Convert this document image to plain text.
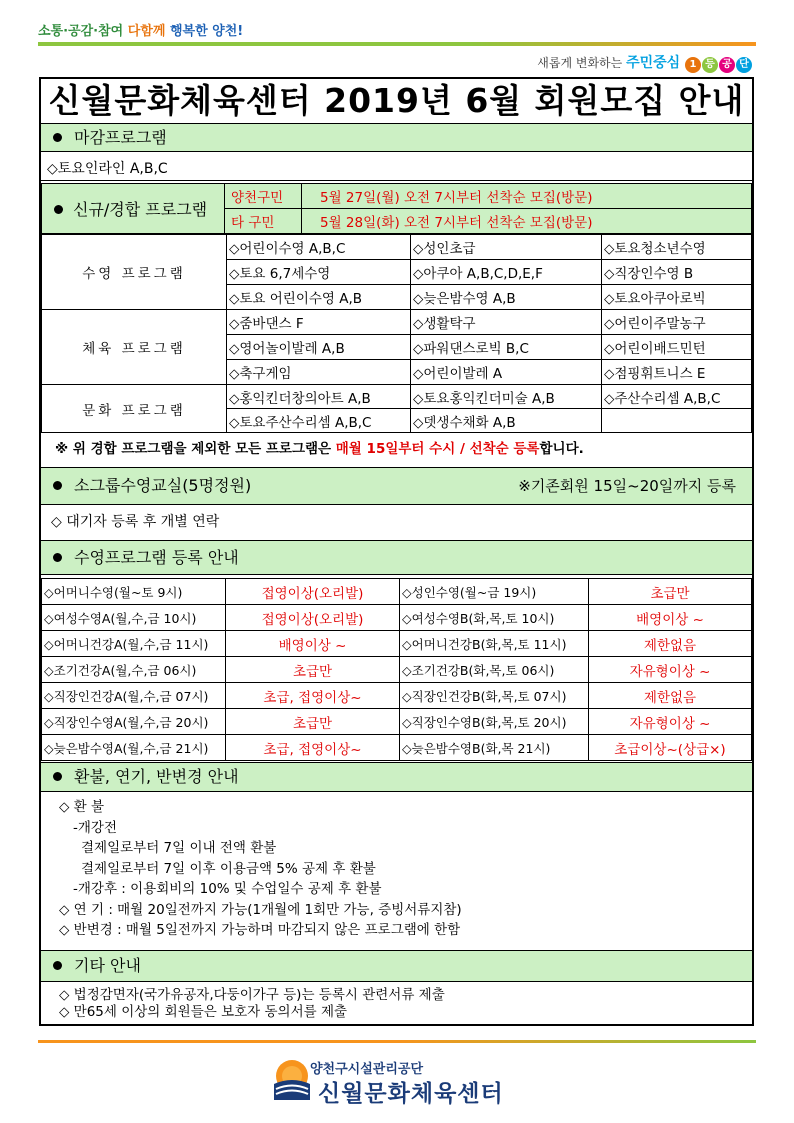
소통·공감·참여 다함께 행복한 양천!
새롭게 변화하는 주민중심 1 등 공 단
신월문화체육센터 2019년 6월 회원모집 안내
마감프로그램
◇토요인라인 A,B,C
신규/경합 프로그램	양천구민	5월 27일(월) 오전 7시부터 선착순 모집(방문)
	타 구민	5월 28일(화) 오전 7시부터 선착순 모집(방문)
수영 프로그램	◇어린이수영 A,B,C	◇성인초급	◇토요청소년수영
	◇토요 6,7세수영	◇아쿠아 A,B,C,D,E,F	◇직장인수영 B
	◇토요 어린이수영 A,B	◇늦은밤수영 A,B	◇토요아쿠아로빅
체육 프로그램	◇줌바댄스 F	◇생활탁구	◇어린이주말농구
	◇영어놀이발레 A,B	◇파워댄스로빅 B,C	◇어린이배드민턴
	◇축구게임	◇어린이발레 A	◇점핑휘트니스 E
문화 프로그램	◇홍익킨더창의아트 A,B	◇토요홍익킨더미술 A,B	◇주산수리셈 A,B,C
	◇토요주산수리셈 A,B,C	◇뎃생수채화 A,B	
※ 위 경합 프로그램을 제외한 모든 프로그램은 매월 15일부터 수시 / 선착순 등록합니다.
소그룹수영교실(5명정원)	※기존회원 15일~20일까지 등록
◇ 대기자 등록 후 개별 연락
수영프로그램 등록 안내
◇어머니수영(월~토 9시)	접영이상(오리발)	◇성인수영(월~금 19시)	초급만
◇여성수영A(월,수,금 10시)	접영이상(오리발)	◇여성수영B(화,목,토 10시)	배영이상 ~
◇어머니건강A(월,수,금 11시)	배영이상 ~	◇어머니건강B(화,목,토 11시)	제한없음
◇조기건강A(월,수,금 06시)	초급만	◇조기건강B(화,목,토 06시)	자유형이상 ~
◇직장인건강A(월,수,금 07시)	초급, 접영이상~	◇직장인건강B(화,목,토 07시)	제한없음
◇직장인수영A(월,수,금 20시)	초급만	◇직장인수영B(화,목,토 20시)	자유형이상 ~
◇늦은밤수영A(월,수,금 21시)	초급, 접영이상~	◇늦은밤수영B(화,목 21시)	초급이상~(상급×)
환불, 연기, 반변경 안내
◇ 환 불
-개강전
결제일로부터 7일 이내 전액 환불
결제일로부터 7일 이후 이용금액 5% 공제 후 환불
-개강후 : 이용회비의 10% 및 수업일수 공제 후 환불
◇ 연 기 : 매월 20일전까지 가능(1개월에 1회만 가능, 증빙서류지참)
◇ 반변경 : 매월 5일전까지 가능하며 마감되지 않은 프로그램에 한함
기타 안내
◇ 법정감면자(국가유공자,다둥이가구 등)는 등록시 관련서류 제출
◇ 만65세 이상의 회원들은 보호자 동의서를 제출
양천구시설관리공단
신월문화체육센터
